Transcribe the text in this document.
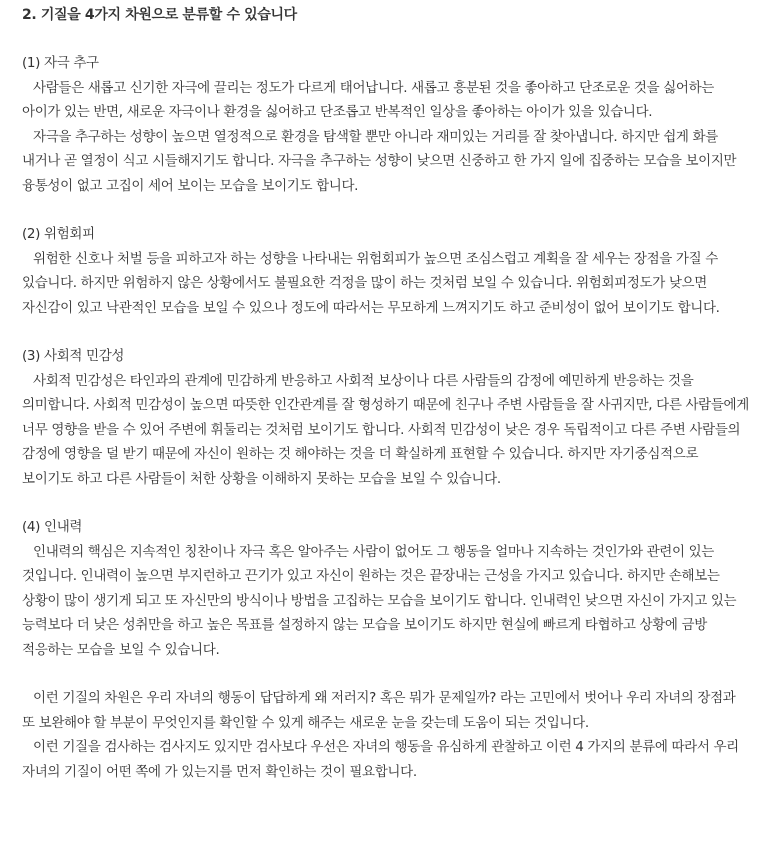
2. 기질을 4가지 차원으로 분류할 수 있습니다
(1) 자극 추구

사람들은 새롭고 신기한 자극에 끌리는 정도가 다르게 태어납니다. 새롭고 흥분된 것을 좋아하고 단조로운 것을 싫어하는 아이가 있는 반면, 새로운 자극이나 환경을 싫어하고 단조롭고 반복적인 일상을 좋아하는 아이가 있을 있습니다.

자극을 추구하는 성향이 높으면 열정적으로 환경을 탐색할 뿐만 아니라 재미있는 거리를 잘 찾아냅니다. 하지만 쉽게 화를 내거나 곧 열정이 식고 시들해지기도 합니다. 자극을 추구하는 성향이 낮으면 신중하고 한 가지 일에 집중하는 모습을 보이지만 융통성이 없고 고집이 세어 보이는 모습을 보이기도 합니다.

(2) 위험회피

위험한 신호나 처벌 등을 피하고자 하는 성향을 나타내는 위험회피가 높으면 조심스럽고 계획을 잘 세우는 장점을 가질 수 있습니다. 하지만 위험하지 않은 상황에서도 불필요한 걱정을 많이 하는 것처럼 보일 수 있습니다. 위험회피정도가 낮으면 자신감이 있고 낙관적인 모습을 보일 수 있으나 정도에 따라서는 무모하게 느껴지기도 하고 준비성이 없어 보이기도 합니다.

(3) 사회적 민감성

사회적 민감성은 타인과의 관계에 민감하게 반응하고 사회적 보상이나 다른 사람들의 감정에 예민하게 반응하는 것을 의미합니다. 사회적 민감성이 높으면 따뜻한 인간관계를 잘 형성하기 때문에 친구나 주변 사람들을 잘 사귀지만, 다른 사람들에게 너무 영향을 받을 수 있어 주변에 휘둘리는 것처럼 보이기도 합니다. 사회적 민감성이 낮은 경우 독립적이고 다른 주변 사람들의 감정에 영향을 덜 받기 때문에 자신이 원하는 것 해야하는 것을 더 확실하게 표현할 수 있습니다. 하지만 자기중심적으로 보이기도 하고 다른 사람들이 처한 상황을 이해하지 못하는 모습을 보일 수 있습니다.

(4) 인내력

인내력의 핵심은 지속적인 칭찬이나 자극 혹은 알아주는 사람이 없어도 그 행동을 얼마나 지속하는 것인가와 관련이 있는 것입니다. 인내력이 높으면 부지런하고 끈기가 있고 자신이 원하는 것은 끝장내는 근성을 가지고 있습니다. 하지만 손해보는 상황이 많이 생기게 되고 또 자신만의 방식이나 방법을 고집하는 모습을 보이기도 합니다. 인내력인 낮으면 자신이 가지고 있는 능력보다 더 낮은 성취만을 하고 높은 목표를 설정하지 않는 모습을 보이기도 하지만 현실에 빠르게 타협하고 상황에 금방 적응하는 모습을 보일 수 있습니다.

이런 기질의 차원은 우리 자녀의 행동이 답답하게 왜 저러지? 혹은 뭐가 문제일까? 라는 고민에서 벗어나 우리 자녀의 장점과 또 보완해야 할 부분이 무엇인지를 확인할 수 있게 해주는 새로운 눈을 갖는데 도움이 되는 것입니다.

이런 기질을 검사하는 검사지도 있지만 검사보다 우선은 자녀의 행동을 유심하게 관찰하고 이런 4 가지의 분류에 따라서 우리 자녀의 기질이 어떤 쪽에 가 있는지를 먼저 확인하는 것이 필요합니다.
